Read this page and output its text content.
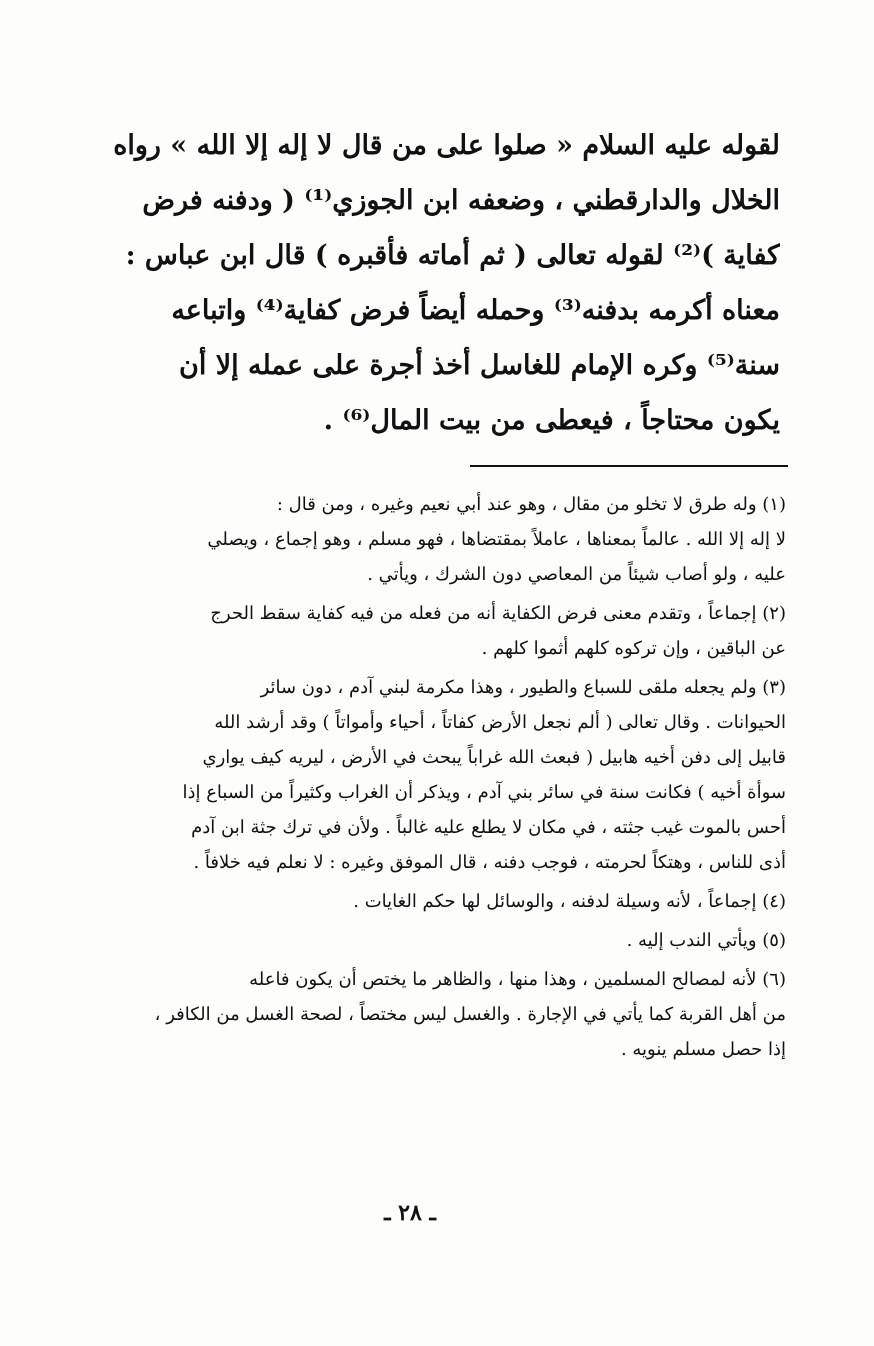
لقوله عليه السلام « صلوا على من قال لا إله إلا الله » رواه
الخلال والدارقطني ، وضعفه ابن الجوزي⁽¹⁾ ( ودفنه فرض
كفاية )⁽²⁾ لقوله تعالى ( ثم أماته فأقبره ) قال ابن عباس :
معناه أكرمه بدفنه⁽³⁾ وحمله أيضاً فرض كفاية⁽⁴⁾ واتباعه
سنة⁽⁵⁾ وكره الإمام للغاسل أخذ أجرة على عمله إلا أن
يكون محتاجاً ، فيعطى من بيت المال⁽⁶⁾ .
(١) وله طرق لا تخلو من مقال ، وهو عند أبي نعيم وغيره ، ومن قال :
لا إله إلا الله . عالماً بمعناها ، عاملاً بمقتضاها ، فهو مسلم ، وهو إجماع ، ويصلي
عليه ، ولو أصاب شيئاً من المعاصي دون الشرك ، ويأتي .
(٢) إجماعاً ، وتقدم معنى فرض الكفاية أنه من فعله من فيه كفاية سقط الحرج
عن الباقين ، وإن تركوه كلهم أثموا كلهم .
(٣) ولم يجعله ملقى للسباع والطيور ، وهذا مكرمة لبني آدم ، دون سائر
الحيوانات . وقال تعالى ( ألم نجعل الأرض كفاتاً ، أحياء وأمواتاً ) وقد أرشد الله
قابيل إلى دفن أخيه هابيل ( فبعث الله غراباً يبحث في الأرض ، ليريه كيف يواري
سوأة أخيه ) فكانت سنة في سائر بني آدم ، ويذكر أن الغراب وكثيراً من السباع إذا
أحس بالموت غيب جثته ، في مكان لا يطلع عليه غالباً . ولأن في ترك جثة ابن آدم
أذى للناس ، وهتكاً لحرمته ، فوجب دفنه ، قال الموفق وغيره : لا نعلم فيه خلافاً .
(٤) إجماعاً ، لأنه وسيلة لدفنه ، والوسائل لها حكم الغايات .
(٥) ويأتي الندب إليه .
(٦) لأنه لمصالح المسلمين ، وهذا منها ، والظاهر ما يختص أن يكون فاعله
من أهل القربة كما يأتي في الإجارة . والغسل ليس مختصاً ، لصحة الغسل من الكافر ،
إذا حصل مسلم ينويه .
ـ ٢٨ ـ
